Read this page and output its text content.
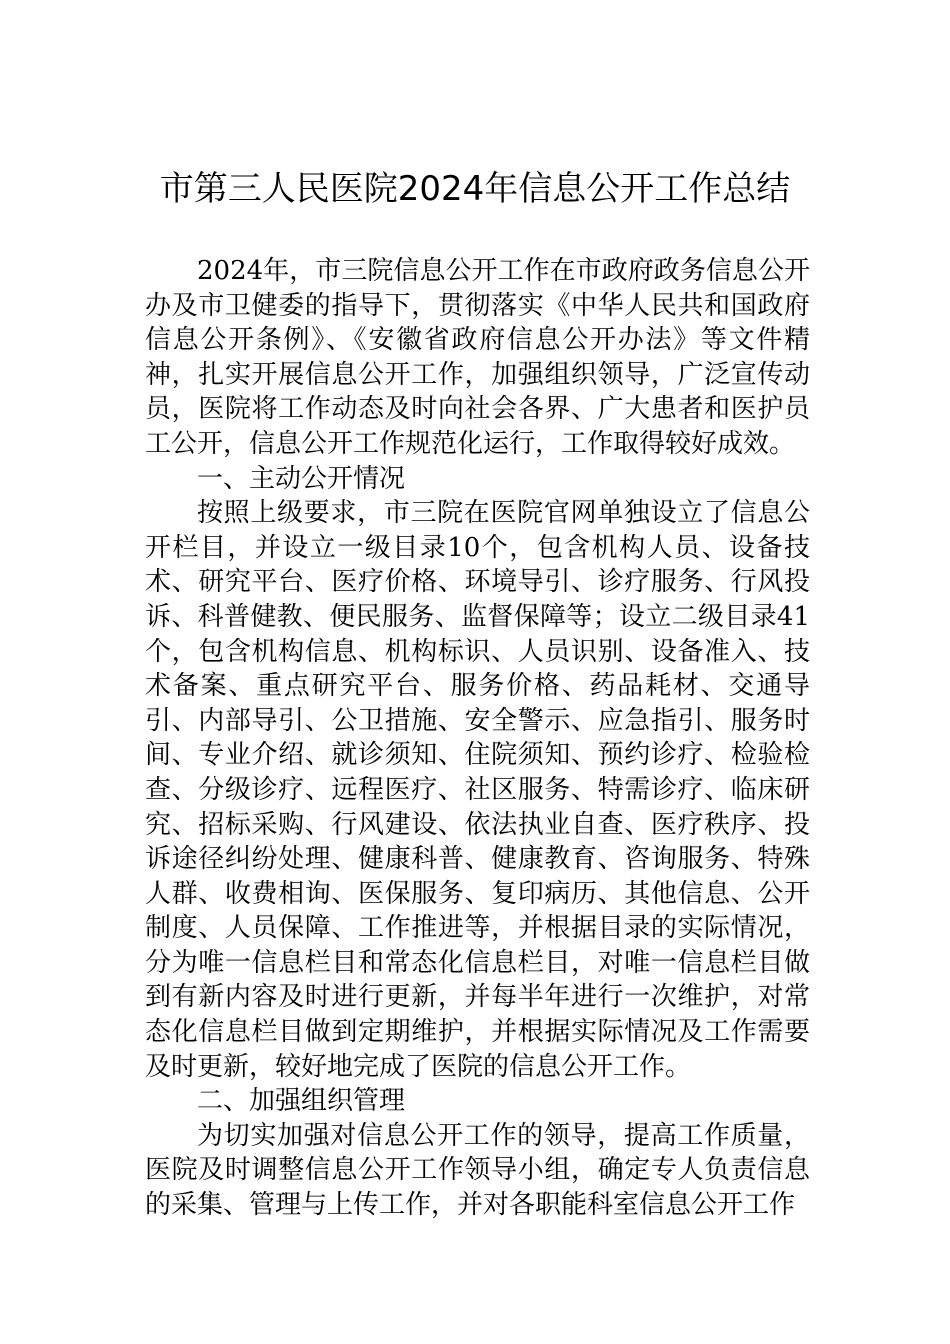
市第三人民医院2024年信息公开工作总结

2024年，市三院信息公开工作在市政府政务信息公开办及市卫健委的指导下，贯彻落实《中华人民共和国政府信息公开条例》、《安徽省政府信息公开办法》等文件精神，扎实开展信息公开工作，加强组织领导，广泛宣传动员，医院将工作动态及时向社会各界、广大患者和医护员工公开，信息公开工作规范化运行，工作取得较好成效。

一、主动公开情况

按照上级要求，市三院在医院官网单独设立了信息公开栏目，并设立一级目录10个，包含机构人员、设备技术、研究平台、医疗价格、环境导引、诊疗服务、行风投诉、科普健教、便民服务、监督保障等；设立二级目录41个，包含机构信息、机构标识、人员识别、设备准入、技术备案、重点研究平台、服务价格、药品耗材、交通导引、内部导引、公卫措施、安全警示、应急指引、服务时间、专业介绍、就诊须知、住院须知、预约诊疗、检验检查、分级诊疗、远程医疗、社区服务、特需诊疗、临床研究、招标采购、行风建设、依法执业自查、医疗秩序、投诉途径纠纷处理、健康科普、健康教育、咨询服务、特殊人群、收费相询、医保服务、复印病历、其他信息、公开制度、人员保障、工作推进等，并根据目录的实际情况，分为唯一信息栏目和常态化信息栏目，对唯一信息栏目做到有新内容及时进行更新，并每半年进行一次维护，对常态化信息栏目做到定期维护，并根据实际情况及工作需要及时更新，较好地完成了医院的信息公开工作。

二、加强组织管理

为切实加强对信息公开工作的领导，提高工作质量，医院及时调整信息公开工作领导小组，确定专人负责信息的采集、管理与上传工作，并对各职能科室信息公开工作
